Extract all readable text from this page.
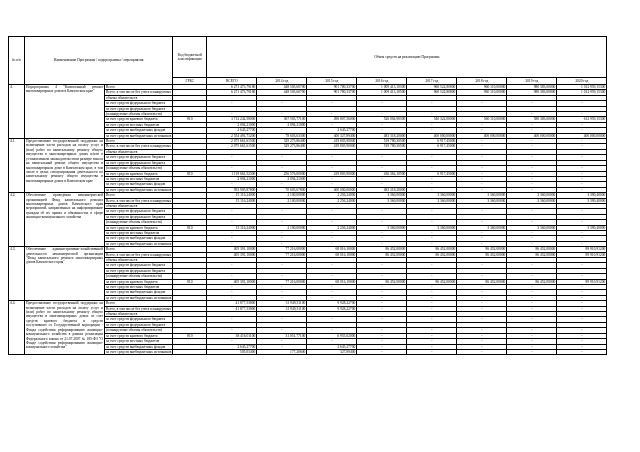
№ п/п	Наименование Программы / подпрограммы / мероприятия		Код бюджетной классификации	Объем средств на реализацию Программы							
			ГРБС	ВСЕГО	2014 год	2015 год	2016 год	2017 год	2018 год	2019 год	2020 год
4.	Подпрограмма 4 "Капитальный ремонт многоквартирных домов в Камчатском крае"	Всего		6 271 473,79180	448 505,60700	901 780,33700	1 009 413,10500	960 522,80800	960 110,00000	980 383,00000	1 012 959,15300
		Всего, в том числе без учета планируемых		6 271 473,79180	448 505,60700	901 780,33700	1 009 413,10500	960 522,80800	960 110,00000	980 383,00000	1 012 959,15300
		объема обязательств									
		за счет средств федерального бюджета		-	-	-	-	-	-	-	-
		за счет средств федерального бюджета									
		(планируемые объемы обязательств)		-	-	-	-	-	-	-	-
		за счет средств краевого бюджета	810	3 712 242,58000	367 503,77100	496 807,56000	526 004,90500	540 322,00000	560 110,00000	580 383,00000	612 959,15300
		за счет средств местных бюджетов		2 094,21000	2 094,21000	-	-	-	-	-	-
		за счет средств внебюджетных фондов		2 645,27700	-	2 645,27700	-	-	-	-	-
		за счет средств внебюджетных источников		2 554 491,71200	78 603,63300	400 327,89400	483 318,20000	400 000,00000	400 000,00000	400 000,00000	400 000,00000
4.1.	Предоставление государственной поддержки на возмещение части расходов на оплату услуг и (или) работ по капитальному ремонту общего имущества в многоквартирных домах и/или в установленном законодательством размере взноса на капитальный ремонт общего имущества в многоквартирном доме в Камчатском крае, в том числе в целях стимулирования деятельности по капитальному ремонту общего имущества в многоквартирных домах в Камчатском крае	Всего		2 075 661,61500	329 273,86400	419 805,90000	519 780,30500	6 917,45000	-	-	-
		Всего, в том числе без учета планируемых		2 075 661,61500	329 273,86400	419 805,90000	519 780,30500	6 917,45000	-	-	-
		объема обязательств									
		за счет средств федерального бюджета		-	-	-	-	-	-	-	-
		за счет средств федерального бюджета									
		(планируемые объемы обязательств)		-	-	-	-	-	-	-	-
		за счет средств краевого бюджета	810	1 119 661,52300	256 576,00000	419 805,90000	436 362,10500	6 917,45000	-	-	-
		за счет средств местных бюджетов		2 094,21000	2 094,21000	-	-	-	-	-	-
		за счет средств внебюджетных фондов		-	-	-	-	-	-	-	-
		за счет средств внебюджетных источников		953 905,87800	70 603,67800	400 000,00000	483 318,20000	-	-	-	-
4.2.	Обеспечение проведения некоммерческой организацией Фонд капитального ремонта многоквартирных домов Камчатского края мероприятий, направленных на информирование граждан об их правах и обязанностях в сфере жилищно-коммунального хозяйства	Всего		15 116,24000	2 100,00000	2 256,24000	3 360,00000	3 360,00000	3 360,00000	3 360,00000	3 390,40000
		Всего, в том числе без учета планируемых		15 116,24000	2 100,00000	2 256,24000	3 360,00000	3 360,00000	3 360,00000	3 360,00000	3 390,40000
		объема обязательств									
		за счет средств федерального бюджета		-	-	-	-	-	-	-	-
		за счет средств федерального бюджета									
		(планируемые объемы обязательств)		-	-	-	-	-	-	-	-
		за счет средств краевого бюджета	810	15 116,24000	2 100,00000	2 256,24000	3 360,00000	3 360,00000	3 360,00000	3 360,00000	3 390,40000
		за счет средств местных бюджетов		-	-	-	-	-	-	-	-
		за счет средств внебюджетных фондов		-	-	-	-	-	-	-	-
		за счет средств внебюджетных источников		-	-	-	-	-	-	-	-
4.3.	Обеспечение административно-хозяйственной деятельности некоммерческой организации "Фонд капитального ремонта многоквартирных домов Камчатского края"	Всего		405 391,10000	77 216,00000	68 016,10000	86 452,00000	86 452,00000	86 452,00000	86 452,00000	89 910,91200
		Всего, в том числе без учета планируемых		405 391,10000	77 216,00000	68 016,10000	86 452,00000	86 452,00000	86 452,00000	86 452,00000	89 910,91200
		объема обязательств									
		за счет средств федерального бюджета		-	-	-	-	-	-	-	-
		за счет средств федерального бюджета									
		(планируемые объемы обязательств)		-	-	-	-	-	-	-	-
		за счет средств краевого бюджета	810	405 391,10000	77 216,00000	68 016,10000	86 452,00000	86 452,00000	86 452,00000	86 452,00000	89 910,91200
		за счет средств местных бюджетов		-	-	-	-	-	-	-	-
		за счет средств внебюджетных фондов		-	-	-	-	-	-	-	-
		за счет средств внебюджетных источников		-	-	-	-	-	-	-	-
4.4.	Предоставление государственной поддержки на возмещение части расходов на оплату услуг и (или) работ по капитальному ремонту общего имущества в многоквартирных домах за счет средств краевого бюджета и средств поступивших от Государственной корпорации - Фонда содействия реформированию жилищно-коммунального хозяйства в рамках реализации Федерального закона от 21.07.2007 № 185-ФЗ "О Фонде содействия реформированию жилищно-коммунального хозяйства"	Всего		41 877,53800	31 949,31100	9 928,22700	-	-	-	-	-
		Всего, в том числе без учета планируемых		41 877,53800	31 949,31100	9 928,22700	-	-	-	-	-
		объема обязательств									
		за счет средств федерального бюджета		-	-	-	-	-	-	-	-
		за счет средств федерального бюджета									
		(планируемые объемы обязательств)		-	-	-	-	-	-	-	-
		за счет средств краевого бюджета	810	38 416,01100	31 051,77100	6 955,02000	-	-	-	-	-
		за счет средств местных бюджетов		-	-	-	-	-	-	-	-
		за счет средств внебюджетных фондов		2 645,27700	-	2 645,27700	-	-	-	-	-
		за счет средств внебюджетных источников		505,03400	177,20600	327,89400	-	-	-	-	-
